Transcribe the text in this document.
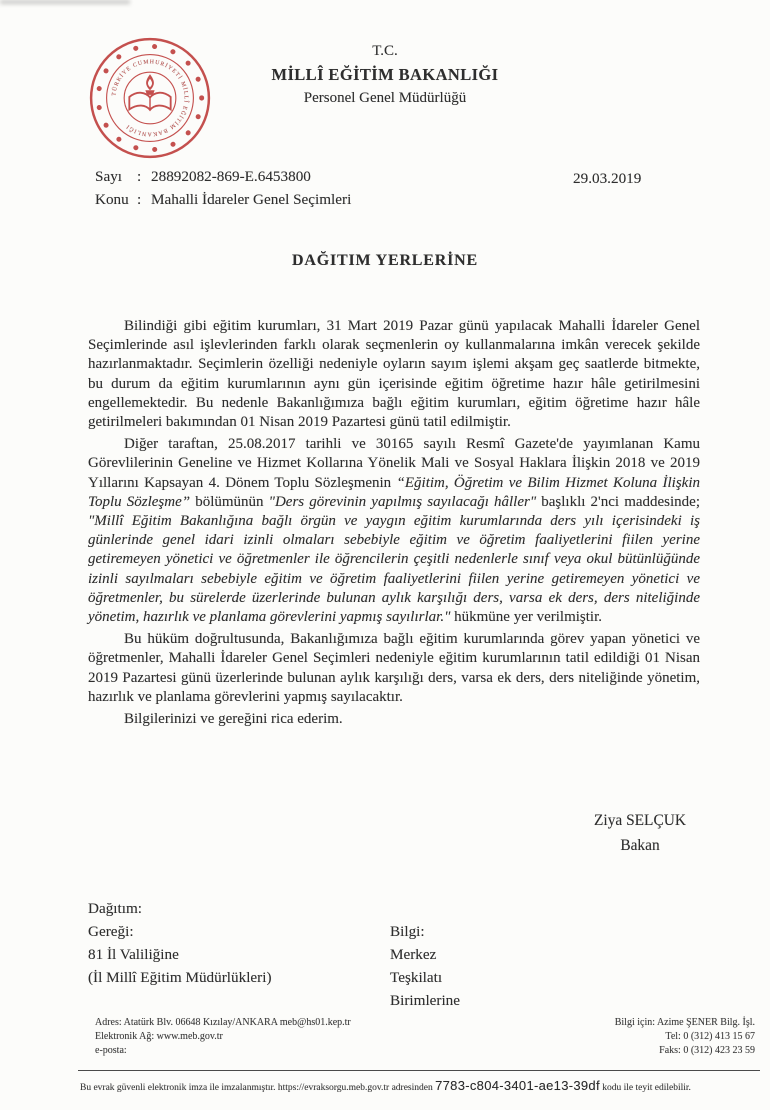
TÜRKİYE CUMHURİYETİ MİLLÎ EĞİTİM BAKANLIĞI
T.C.
MİLLÎ EĞİTİM BAKANLIĞI
Personel Genel Müdürlüğü
Sayı : 28892082-869-E.6453800
Konu : Mahalli İdareler Genel Seçimleri
29.03.2019
DAĞITIM YERLERİNE

Bilindiği gibi eğitim kurumları, 31 Mart 2019 Pazar günü yapılacak Mahalli İdareler Genel Seçimlerinde asıl işlevlerinden farklı olarak seçmenlerin oy kullanmalarına imkân verecek şekilde hazırlanmaktadır. Seçimlerin özelliği nedeniyle oyların sayım işlemi akşam geç saatlerde bitmekte, bu durum da eğitim kurumlarının aynı gün içerisinde eğitim öğretime hazır hâle getirilmesini engellemektedir. Bu nedenle Bakanlığımıza bağlı eğitim kurumları, eğitim öğretime hazır hâle getirilmeleri bakımından 01 Nisan 2019 Pazartesi günü tatil edilmiştir.

Diğer taraftan, 25.08.2017 tarihli ve 30165 sayılı Resmî Gazete'de yayımlanan Kamu Görevlilerinin Geneline ve Hizmet Kollarına Yönelik Mali ve Sosyal Haklara İlişkin 2018 ve 2019 Yıllarını Kapsayan 4. Dönem Toplu Sözleşmenin “Eğitim, Öğretim ve Bilim Hizmet Koluna İlişkin Toplu Sözleşme” bölümünün "Ders görevinin yapılmış sayılacağı hâller" başlıklı 2'nci maddesinde; "Millî Eğitim Bakanlığına bağlı örgün ve yaygın eğitim kurumlarında ders yılı içerisindeki iş günlerinde genel idari izinli olmaları sebebiyle eğitim ve öğretim faaliyetlerini fiilen yerine getiremeyen yönetici ve öğretmenler ile öğrencilerin çeşitli nedenlerle sınıf veya okul bütünlüğünde izinli sayılmaları sebebiyle eğitim ve öğretim faaliyetlerini fiilen yerine getiremeyen yönetici ve öğretmenler, bu sürelerde üzerlerinde bulunan aylık karşılığı ders, varsa ek ders, ders niteliğinde yönetim, hazırlık ve planlama görevlerini yapmış sayılırlar." hükmüne yer verilmiştir.

Bu hüküm doğrultusunda, Bakanlığımıza bağlı eğitim kurumlarında görev yapan yönetici ve öğretmenler, Mahalli İdareler Genel Seçimleri nedeniyle eğitim kurumlarının tatil edildiği 01 Nisan 2019 Pazartesi günü üzerlerinde bulunan aylık karşılığı ders, varsa ek ders, ders niteliğinde yönetim, hazırlık ve planlama görevlerini yapmış sayılacaktır.

Bilgilerinizi ve gereğini rica ederim.

Ziya SELÇUK
Bakan
Dağıtım:
Gereği:	Bilgi:
81 İl Valiliğine	Merkez Teşkilatı Birimlerine
(İl Millî Eğitim Müdürlükleri)
Adres: Atatürk Blv. 06648 Kızılay/ANKARA meb@hs01.kep.tr
Elektronik Ağ: www.meb.gov.tr
e-posta:
Bilgi için: Azime ŞENER Bilg. İşl.
Tel: 0 (312) 413 15 67
Faks: 0 (312) 423 23 59
Bu evrak güvenli elektronik imza ile imzalanmıştır. https://evraksorgu.meb.gov.tr adresinden 7783-c804-3401-ae13-39df kodu ile teyit edilebilir.
